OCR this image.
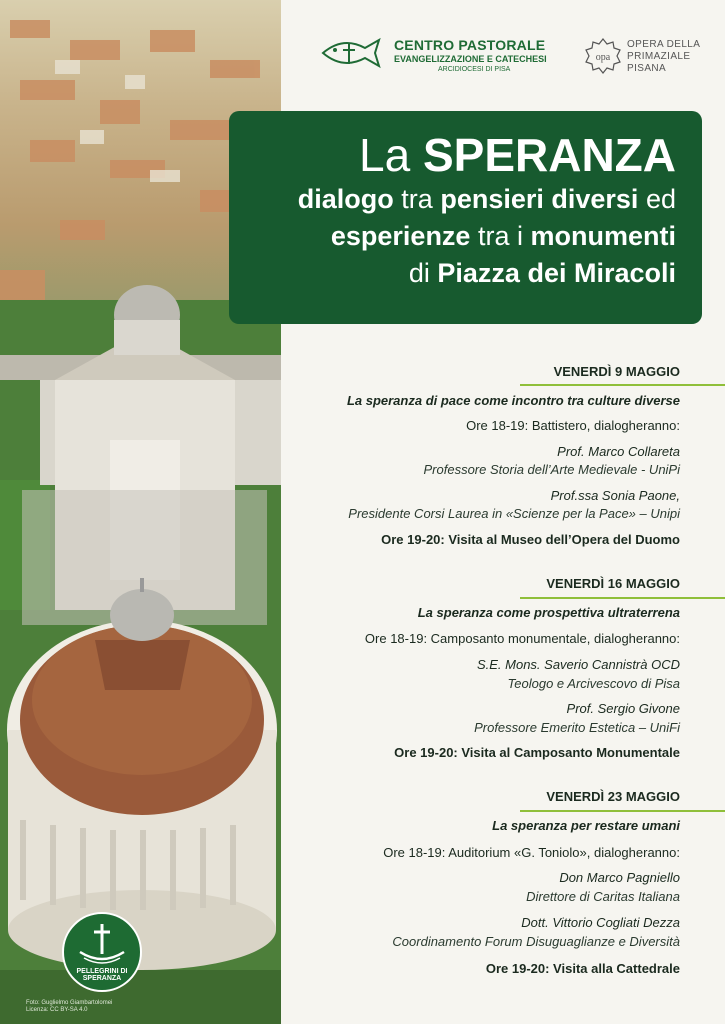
Foto: Guglielmo Giambartolomei
Licenza: CC BY-SA 4.0
PELLEGRINI DI SPERANZA
CENTRO PASTORALE
EVANGELIZZAZIONE E CATECHESI
ARCIDIOCESI DI PISA
opa
OPERA DELLA
PRIMAZIALE
PISANA
La SPERANZA
dialogo tra pensieri diversi ed
esperienze tra i monumenti
di Piazza dei Miracoli
VENERDÌ 9 MAGGIO
La speranza di pace come incontro tra culture diverse
Ore 18-19: Battistero, dialogheranno:
Prof. Marco Collareta
Professore Storia dell’Arte Medievale - UniPi
Prof.ssa Sonia Paone,
Presidente Corsi Laurea in «Scienze per la Pace» – Unipi
Ore 19-20: Visita al Museo dell’Opera del Duomo
VENERDÌ 16 MAGGIO
La speranza come prospettiva ultraterrena
Ore 18-19: Camposanto monumentale, dialogheranno:
S.E. Mons. Saverio Cannistrà OCD
Teologo e Arcivescovo di Pisa
Prof. Sergio Givone
Professore Emerito Estetica – UniFi
Ore 19-20: Visita al Camposanto Monumentale
VENERDÌ 23 MAGGIO
La speranza per restare umani
Ore 18-19: Auditorium «G. Toniolo», dialogheranno:
Don Marco Pagniello
Direttore di Caritas Italiana
Dott. Vittorio Cogliati Dezza
Coordinamento Forum Disuguaglianze e Diversità
Ore 19-20: Visita alla Cattedrale
